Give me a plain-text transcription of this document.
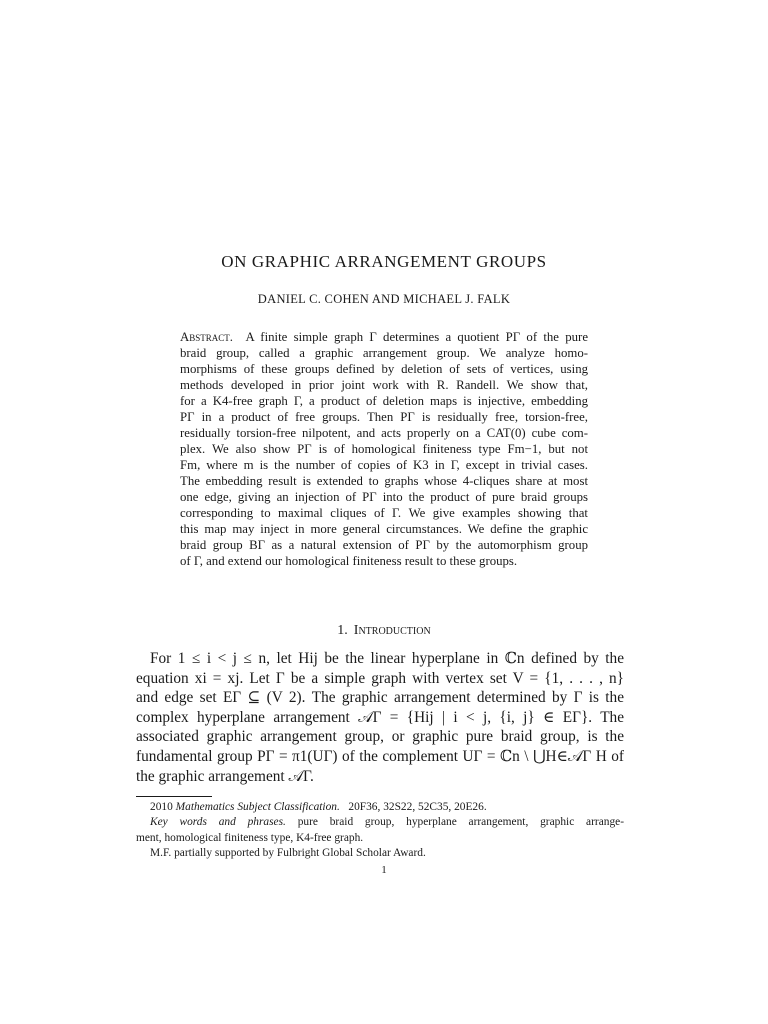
ON GRAPHIC ARRANGEMENT GROUPS
DANIEL C. COHEN AND MICHAEL J. FALK
Abstract. A finite simple graph Γ determines a quotient PΓ of the pure
braid group, called a graphic arrangement group. We analyze homo-
morphisms of these groups defined by deletion of sets of vertices, using
methods developed in prior joint work with R. Randell. We show that,
for a K4-free graph Γ, a product of deletion maps is injective, embedding
PΓ in a product of free groups. Then PΓ is residually free, torsion-free,
residually torsion-free nilpotent, and acts properly on a CAT(0) cube com-
plex. We also show PΓ is of homological finiteness type Fm−1, but not
Fm, where m is the number of copies of K3 in Γ, except in trivial cases.
The embedding result is extended to graphs whose 4-cliques share at most
one edge, giving an injection of PΓ into the product of pure braid groups
corresponding to maximal cliques of Γ. We give examples showing that
this map may inject in more general circumstances. We define the graphic
braid group BΓ as a natural extension of PΓ by the automorphism group
of Γ, and extend our homological finiteness result to these groups.
1. Introduction
For 1 ≤ i < j ≤ n, let Hij be the linear hyperplane in ℂn defined by the
equation xi = xj. Let Γ be a simple graph with vertex set V = {1, . . . , n}
and edge set EΓ ⊆ (V 2). The graphic arrangement determined by Γ is the
complex hyperplane arrangement 𝒜Γ = {Hij | i < j, {i, j} ∈ EΓ}. The
associated graphic arrangement group, or graphic pure braid group, is the
fundamental group PΓ = π1(UΓ) of the complement UΓ = ℂn \ ⋃H∈𝒜Γ H of
the graphic arrangement 𝒜Γ.
2010 Mathematics Subject Classification. 20F36, 32S22, 52C35, 20E26.
Key words and phrases. pure braid group, hyperplane arrangement, graphic arrange-
ment, homological finiteness type, K4-free graph.
M.F. partially supported by Fulbright Global Scholar Award.
1
